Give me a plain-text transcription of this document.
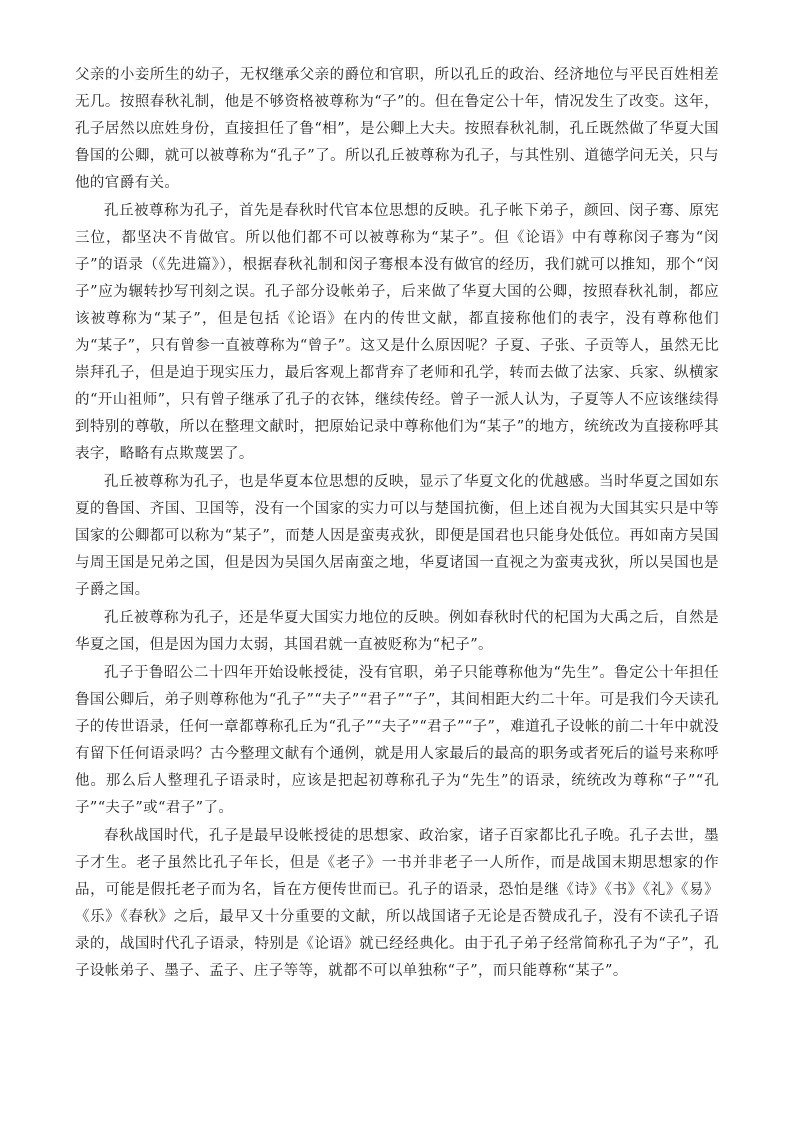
父亲的小妾所生的幼子，无权继承父亲的爵位和官职，所以孔丘的政治、经济地位与平民百姓相差无几。按照春秋礼制，他是不够资格被尊称为“子”的。但在鲁定公十年，情况发生了改变。这年，孔子居然以庶姓身份，直接担任了鲁“相”，是公卿上大夫。按照春秋礼制，孔丘既然做了华夏大国鲁国的公卿，就可以被尊称为“孔子”了。所以孔丘被尊称为孔子，与其性别、道德学问无关，只与他的官爵有关。

孔丘被尊称为孔子，首先是春秋时代官本位思想的反映。孔子帐下弟子，颜回、闵子骞、原宪三位，都坚决不肯做官。所以他们都不可以被尊称为“某子”。但《论语》中有尊称闵子骞为“闵子”的语录（《先进篇》），根据春秋礼制和闵子骞根本没有做官的经历，我们就可以推知，那个“闵子”应为辗转抄写刊刻之误。孔子部分设帐弟子，后来做了华夏大国的公卿，按照春秋礼制，都应该被尊称为“某子”，但是包括《论语》在内的传世文献，都直接称他们的表字，没有尊称他们为“某子”，只有曾参一直被尊称为“曾子”。这又是什么原因呢？子夏、子张、子贡等人，虽然无比崇拜孔子，但是迫于现实压力，最后客观上都背弃了老师和孔学，转而去做了法家、兵家、纵横家的“开山祖师”，只有曾子继承了孔子的衣钵，继续传经。曾子一派人认为，子夏等人不应该继续得到特别的尊敬，所以在整理文献时，把原始记录中尊称他们为“某子”的地方，统统改为直接称呼其表字，略略有点欺蔑罢了。

孔丘被尊称为孔子，也是华夏本位思想的反映，显示了华夏文化的优越感。当时华夏之国如东夏的鲁国、齐国、卫国等，没有一个国家的实力可以与楚国抗衡，但上述自视为大国其实只是中等国家的公卿都可以称为“某子”，而楚人因是蛮夷戎狄，即便是国君也只能身处低位。再如南方吴国与周王国是兄弟之国，但是因为吴国久居南蛮之地，华夏诸国一直视之为蛮夷戎狄，所以吴国也是子爵之国。

孔丘被尊称为孔子，还是华夏大国实力地位的反映。例如春秋时代的杞国为大禹之后，自然是华夏之国，但是因为国力太弱，其国君就一直被贬称为“杞子”。

孔子于鲁昭公二十四年开始设帐授徒，没有官职，弟子只能尊称他为“先生”。鲁定公十年担任鲁国公卿后，弟子则尊称他为“孔子”“夫子”“君子”“子”，其间相距大约二十年。可是我们今天读孔子的传世语录，任何一章都尊称孔丘为“孔子”“夫子”“君子”“子”，难道孔子设帐的前二十年中就没有留下任何语录吗？古今整理文献有个通例，就是用人家最后的最高的职务或者死后的谥号来称呼他。那么后人整理孔子语录时，应该是把起初尊称孔子为“先生”的语录，统统改为尊称“子”“孔子”“夫子”或“君子”了。

春秋战国时代，孔子是最早设帐授徒的思想家、政治家，诸子百家都比孔子晚。孔子去世，墨子才生。老子虽然比孔子年长，但是《老子》一书并非老子一人所作，而是战国末期思想家的作品，可能是假托老子而为名，旨在方便传世而已。孔子的语录，恐怕是继《诗》《书》《礼》《易》《乐》《春秋》之后，最早又十分重要的文献，所以战国诸子无论是否赞成孔子，没有不读孔子语录的，战国时代孔子语录，特别是《论语》就已经经典化。由于孔子弟子经常简称孔子为“子”，孔子设帐弟子、墨子、孟子、庄子等等，就都不可以单独称“子”，而只能尊称“某子”。
